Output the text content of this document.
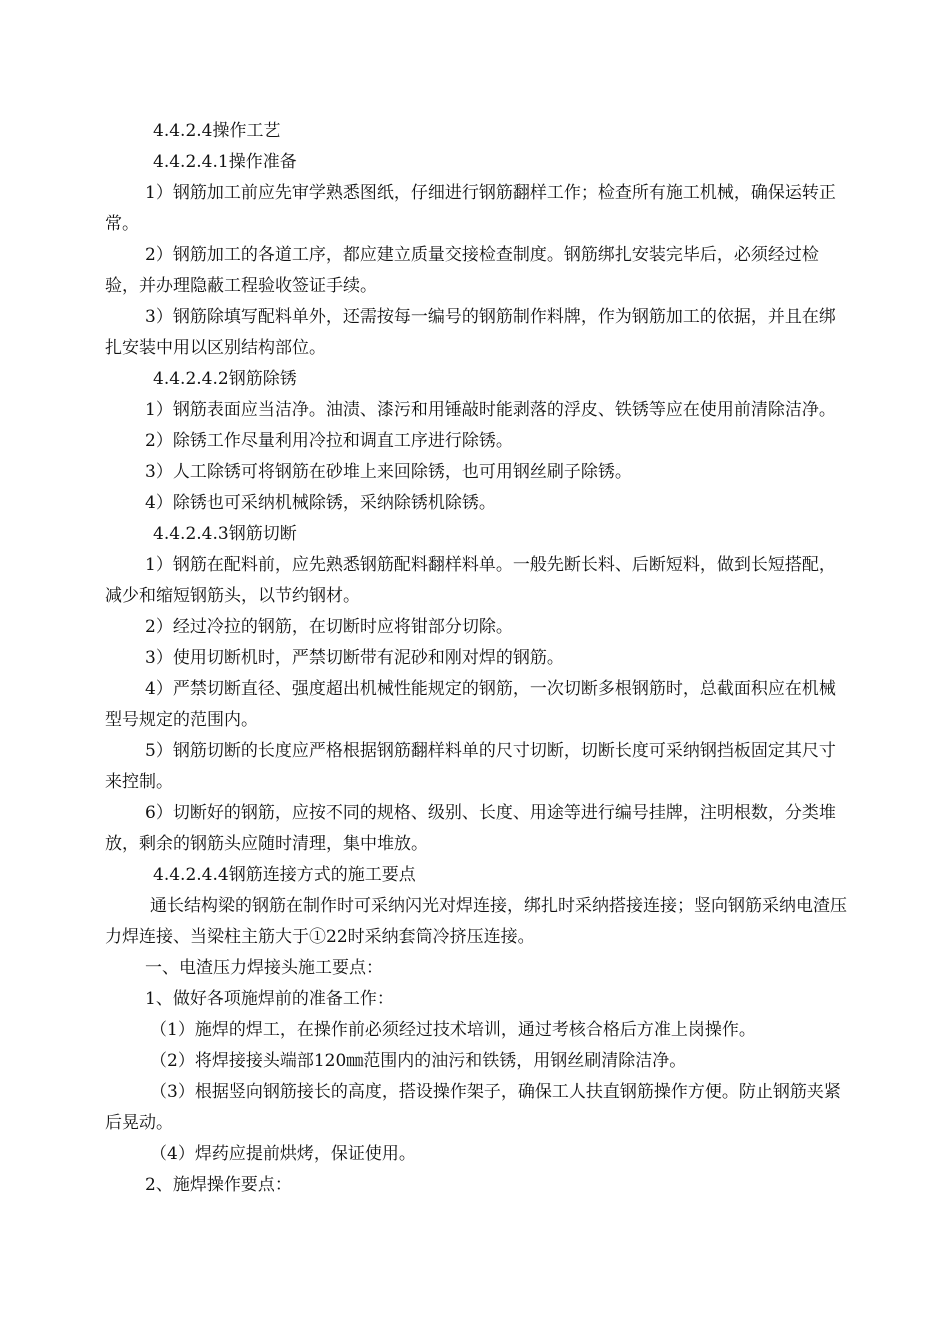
4.4.2.4操作工艺

4.4.2.4.1操作准备

1）钢筋加工前应先审学熟悉图纸，仔细进行钢筋翻样工作；检查所有施工机械，确保运转正常。

2）钢筋加工的各道工序，都应建立质量交接检查制度。钢筋绑扎安装完毕后，必须经过检验，并办理隐蔽工程验收签证手续。

3）钢筋除填写配料单外，还需按每一编号的钢筋制作料牌，作为钢筋加工的依据，并且在绑扎安装中用以区别结构部位。

4.4.2.4.2钢筋除锈

1）钢筋表面应当洁净。油渍、漆污和用锤敲时能剥落的浮皮、铁锈等应在使用前清除洁净。

2）除锈工作尽量利用冷拉和调直工序进行除锈。

3）人工除锈可将钢筋在砂堆上来回除锈，也可用钢丝刷子除锈。

4）除锈也可采纳机械除锈，采纳除锈机除锈。

4.4.2.4.3钢筋切断

1）钢筋在配料前，应先熟悉钢筋配料翻样料单。一般先断长料、后断短料，做到长短搭配，减少和缩短钢筋头，以节约钢材。

2）经过冷拉的钢筋，在切断时应将钳部分切除。

3）使用切断机时，严禁切断带有泥砂和刚对焊的钢筋。

4）严禁切断直径、强度超出机械性能规定的钢筋，一次切断多根钢筋时，总截面积应在机械型号规定的范围内。

5）钢筋切断的长度应严格根据钢筋翻样料单的尺寸切断，切断长度可采纳钢挡板固定其尺寸来控制。

6）切断好的钢筋，应按不同的规格、级别、长度、用途等进行编号挂牌，注明根数，分类堆放，剩余的钢筋头应随时清理，集中堆放。

4.4.2.4.4钢筋连接方式的施工要点

通长结构梁的钢筋在制作时可采纳闪光对焊连接，绑扎时采纳搭接连接；竖向钢筋采纳电渣压力焊连接、当梁柱主筋大于①22时采纳套筒冷挤压连接。

一、电渣压力焊接头施工要点：

1、做好各项施焊前的准备工作：

（1）施焊的焊工，在操作前必须经过技术培训，通过考核合格后方准上岗操作。

（2）将焊接接头端部120㎜范围内的油污和铁锈，用钢丝刷清除洁净。

（3）根据竖向钢筋接长的高度，搭设操作架子，确保工人扶直钢筋操作方便。防止钢筋夹紧后晃动。

（4）焊药应提前烘烤，保证使用。

2、施焊操作要点：
